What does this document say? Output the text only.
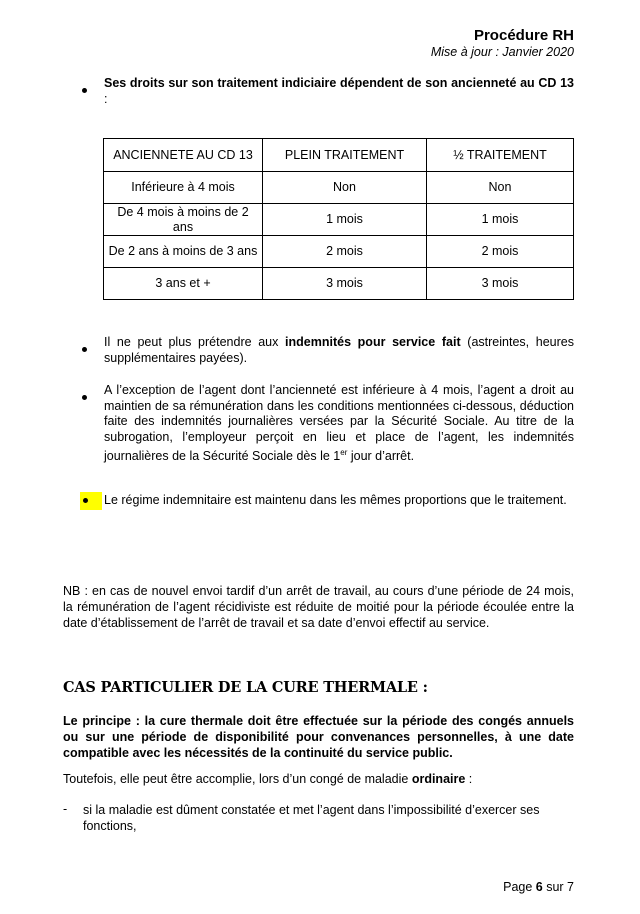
Procédure RH
Mise à jour : Janvier 2020
Ses droits sur son traitement indiciaire dépendent de son ancienneté au CD 13 :
ANCIENNETE AU CD 13	PLEIN TRAITEMENT	½ TRAITEMENT
Inférieure à 4 mois	Non	Non
De 4 mois à moins de 2 ans	1 mois	1 mois
De 2 ans à moins de 3 ans	2 mois	2 mois
3 ans et +	3 mois	3 mois
Il ne peut plus prétendre aux indemnités pour service fait (astreintes, heures supplémentaires payées).
A l’exception de l’agent dont l’ancienneté est inférieure à 4 mois, l’agent a droit au maintien de sa rémunération dans les conditions mentionnées ci-dessous, déduction faite des indemnités journalières versées par la Sécurité Sociale. Au titre de la subrogation, l’employeur perçoit en lieu et place de l’agent, les indemnités journalières de la Sécurité Sociale dès le 1er jour d’arrêt.
Le régime indemnitaire est maintenu dans les mêmes proportions que le traitement.
NB : en cas de nouvel envoi tardif d’un arrêt de travail, au cours d’une période de 24 mois, la rémunération de l’agent récidiviste est réduite de moitié pour la période écoulée entre la date d’établissement de l’arrêt de travail et sa date d’envoi effectif au service.
CAS PARTICULIER DE LA CURE THERMALE :
Le principe : la cure thermale doit être effectuée sur la période des congés annuels ou sur une période de disponibilité pour convenances personnelles, à une date compatible avec les nécessités de la continuité du service public.
Toutefois, elle peut être accomplie, lors d’un congé de maladie ordinaire :
- si la maladie est dûment constatée et met l’agent dans l’impossibilité d’exercer ses fonctions,
Page 6 sur 7
